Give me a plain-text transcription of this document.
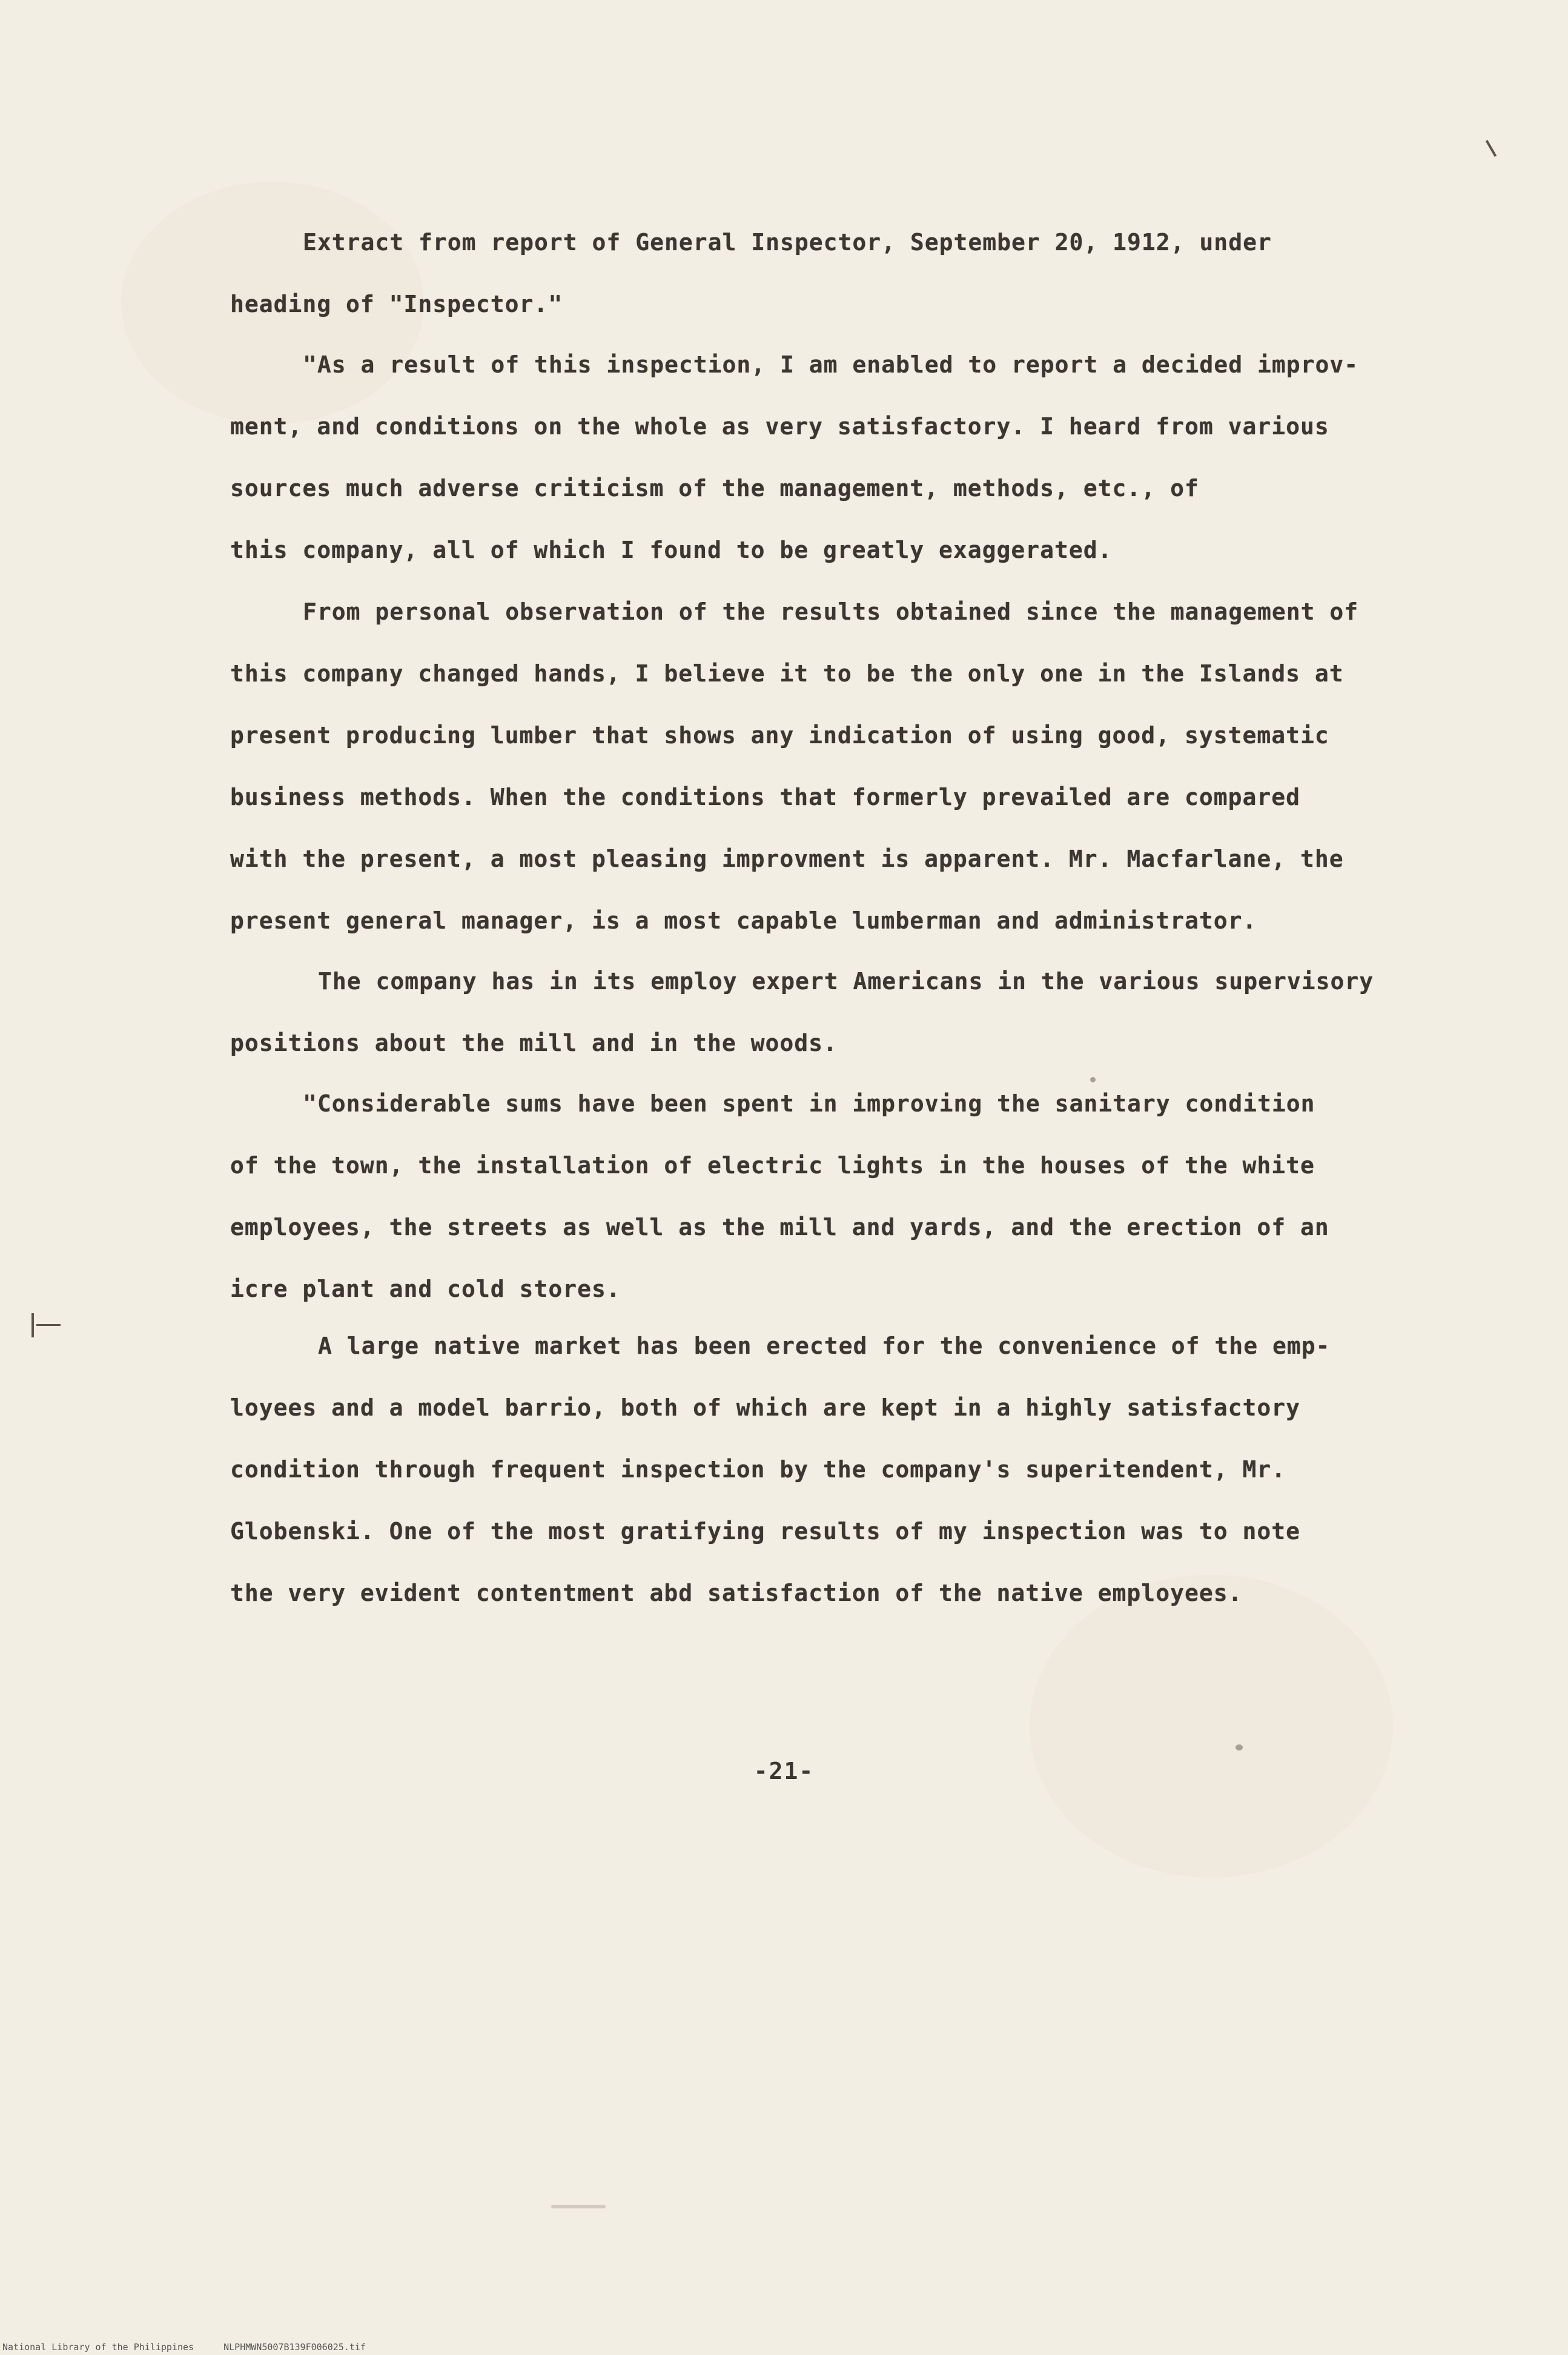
Extract from report of General Inspector, September 20, 1912, under
heading of "Inspector."
"As a result of this inspection, I am enabled to report a decided improv-
ment, and conditions on the whole as very satisfactory. I heard from various
sources much adverse criticism of the management, methods, etc., of
this company, all of which I found to be greatly exaggerated.
From personal observation of the results obtained since the management of
this company changed hands, I believe it to be the only one in the Islands at
present producing lumber that shows any indication of using good, systematic
business methods. When the conditions that formerly prevailed are compared
with the present, a most pleasing improvment is apparent. Mr. Macfarlane, the
present general manager, is a most capable lumberman and administrator.
The company has in its employ expert Americans in the various supervisory
positions about the mill and in the woods.
"Considerable sums have been spent in improving the sanitary condition
of the town, the installation of electric lights in the houses of the white
employees, the streets as well as the mill and yards, and the erection of an
icre plant and cold stores.
A large native market has been erected for the convenience of the emp-
loyees and a model barrio, both of which are kept in a highly satisfactory
condition through frequent inspection by the company's superitendent, Mr.
Globenski. One of the most gratifying results of my inspection was to note
the very evident contentment abd satisfaction of the native employees.
-21-
National Library of the Philippines	NLPHMWN5007B139F006025.tif
